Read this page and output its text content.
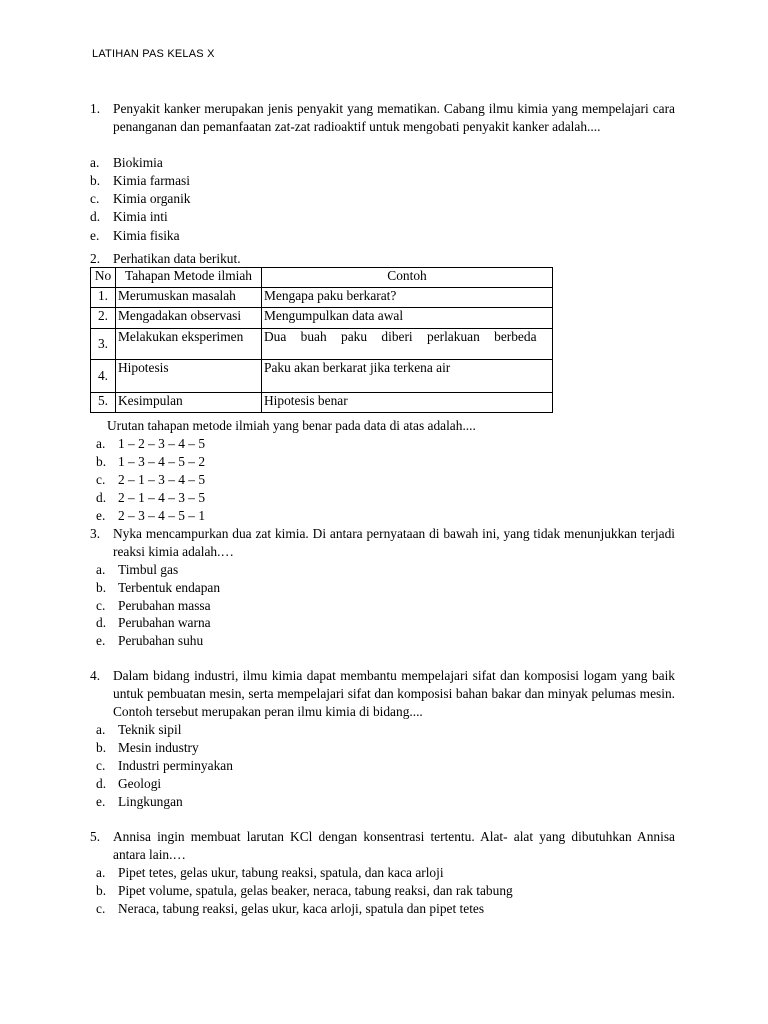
LATIHAN PAS KELAS X
1. Penyakit kanker merupakan jenis penyakit yang mematikan. Cabang ilmu kimia yang mempelajari cara penanganan dan pemanfaatan zat-zat radioaktif untuk mengobati penyakit kanker adalah....
a. Biokimia
b. Kimia farmasi
c. Kimia organik
d. Kimia inti
e. Kimia fisika
2. Perhatikan data berikut.
No	Tahapan Metode ilmiah	Contoh
1.	Merumuskan masalah	Mengapa paku berkarat?
2.	Mengadakan observasi	Mengumpulkan data awal
3.	Melakukan eksperimen	Dua buah paku diberi perlakuan berbeda

4.	Hipotesis	Paku akan berkarat jika terkena air
5.	Kesimpulan	Hipotesis benar
Urutan tahapan metode ilmiah yang benar pada data di atas adalah....
a. 1 – 2 – 3 – 4 – 5
b. 1 – 3 – 4 – 5 – 2
c. 2 – 1 – 3 – 4 – 5
d. 2 – 1 – 4 – 3 – 5
e. 2 – 3 – 4 – 5 – 1
3. Nyka mencampurkan dua zat kimia. Di antara pernyataan di bawah ini, yang tidak menunjukkan terjadi reaksi kimia adalah.…
a. Timbul gas
b. Terbentuk endapan
c. Perubahan massa
d. Perubahan warna
e. Perubahan suhu
4. Dalam bidang industri, ilmu kimia dapat membantu mempelajari sifat dan komposisi logam yang baik untuk pembuatan mesin, serta mempelajari sifat dan komposisi bahan bakar dan minyak pelumas mesin. Contoh tersebut merupakan peran ilmu kimia di bidang....
a. Teknik sipil
b. Mesin industry
c. Industri perminyakan
d. Geologi
e. Lingkungan
5. Annisa ingin membuat larutan KCl dengan konsentrasi tertentu. Alat- alat yang dibutuhkan Annisa antara lain.…
a. Pipet tetes, gelas ukur, tabung reaksi, spatula, dan kaca arloji
b. Pipet volume, spatula, gelas beaker, neraca, tabung reaksi, dan rak tabung
c. Neraca, tabung reaksi, gelas ukur, kaca arloji, spatula dan pipet tetes
